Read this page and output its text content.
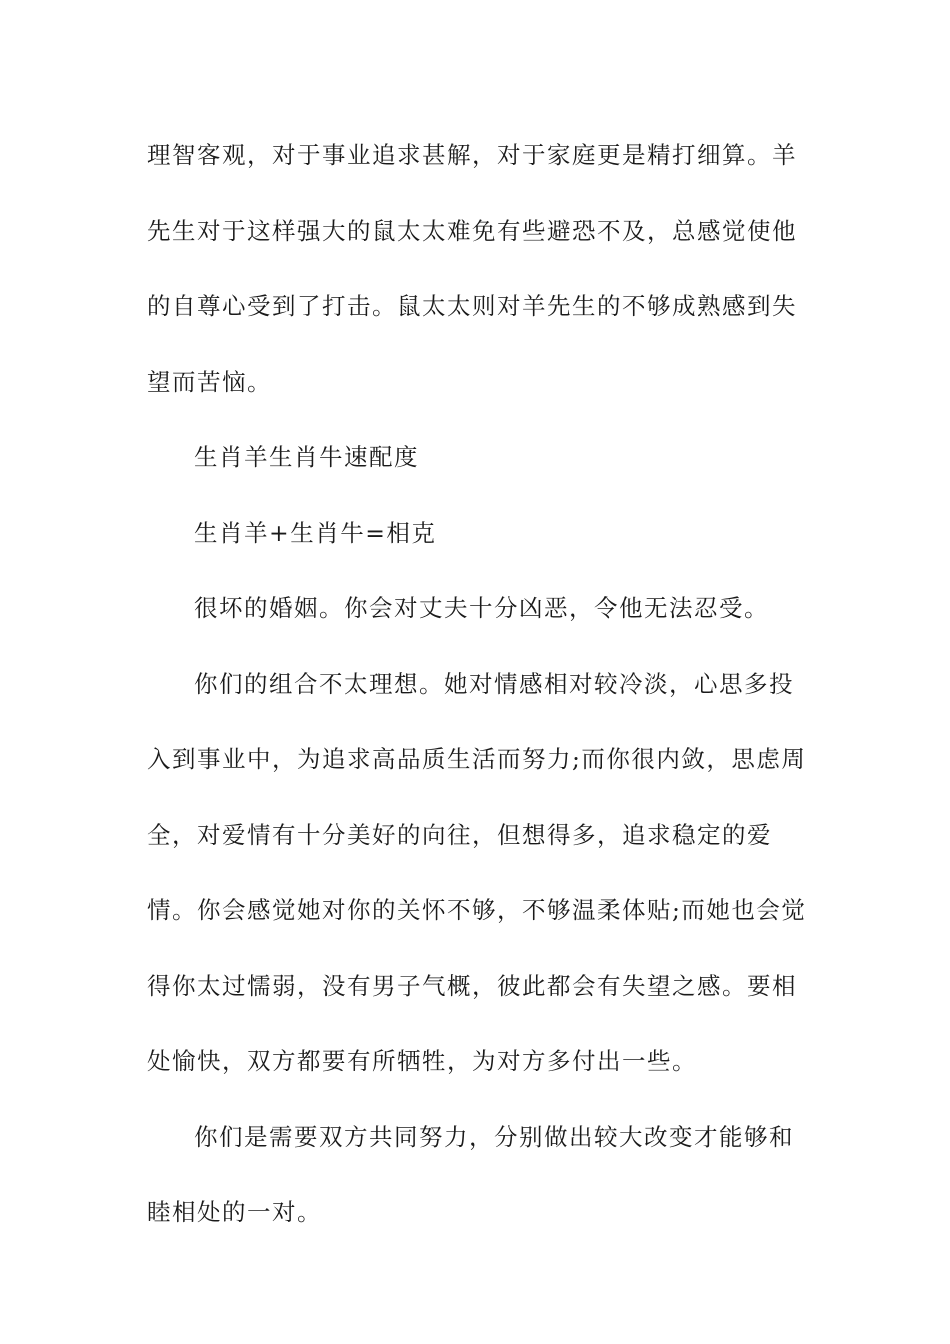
理智客观，对于事业追求甚解，对于家庭更是精打细算。羊先生对于这样强大的鼠太太难免有些避恐不及，总感觉使他的自尊心受到了打击。鼠太太则对羊先生的不够成熟感到失望而苦恼。

生肖羊生肖牛速配度

生肖羊+生肖牛=相克

很坏的婚姻。你会对丈夫十分凶恶，令他无法忍受。

你们的组合不太理想。她对情感相对较冷淡，心思多投入到事业中，为追求高品质生活而努力;而你很内敛，思虑周全，对爱情有十分美好的向往，但想得多，追求稳定的爱情。你会感觉她对你的关怀不够，不够温柔体贴;而她也会觉得你太过懦弱，没有男子气概，彼此都会有失望之感。要相处愉快，双方都要有所牺牲，为对方多付出一些。

你们是需要双方共同努力，分别做出较大改变才能够和睦相处的一对。
